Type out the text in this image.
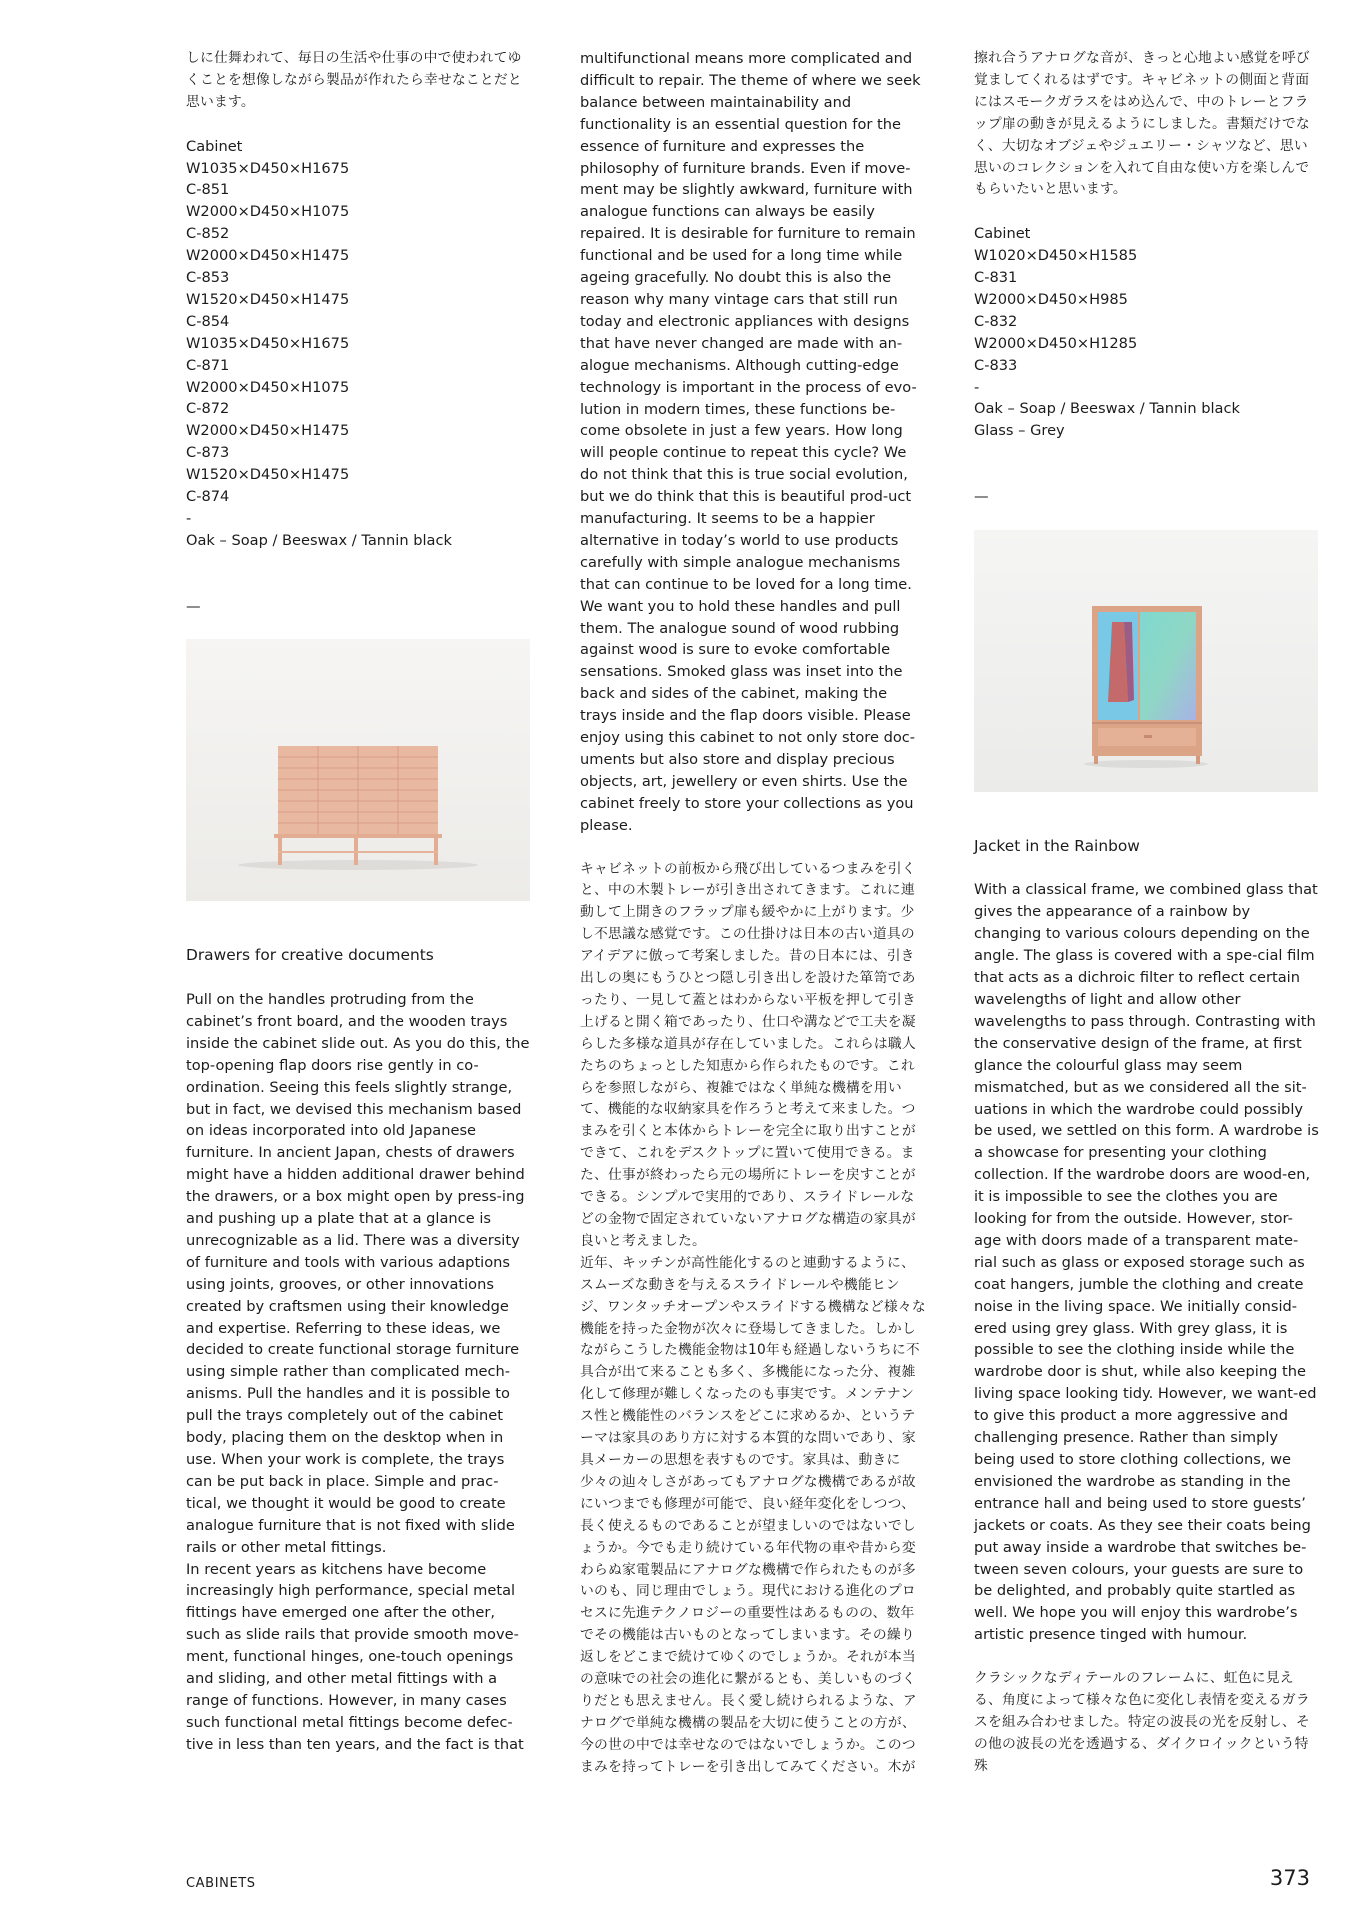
しに仕舞われて、毎日の生活や仕事の中で使われてゆくことを想像しながら製品が作れたら幸せなことだと思います。

Cabinet
W1035×D450×H1675
C-851
W2000×D450×H1075
C-852
W2000×D450×H1475
C-853
W1520×D450×H1475
C-854
W1035×D450×H1675
C-871
W2000×D450×H1075
C-872
W2000×D450×H1475
C-873
W1520×D450×H1475
C-874
-
Oak – Soap / Beeswax / Tannin black

—

Drawers for creative documents

Pull on the handles protruding from the cabinet’s front board, and the wooden trays inside the cabinet slide out. As you do this, the top-opening flap doors rise gently in co-ordination. Seeing this feels slightly strange, but in fact, we devised this mechanism based on ideas incorporated into old Japanese furniture. In ancient Japan, chests of drawers might have a hidden additional drawer behind the drawers, or a box might open by press-ing and pushing up a plate that at a glance is unrecognizable as a lid. There was a diversity of furniture and tools with various adaptions using joints, grooves, or other innovations created by craftsmen using their knowledge and expertise. Referring to these ideas, we decided to create functional storage furniture using simple rather than complicated mech-anisms. Pull the handles and it is possible to pull the trays completely out of the cabinet body, placing them on the desktop when in use. When your work is complete, the trays can be put back in place. Simple and prac-tical, we thought it would be good to create analogue furniture that is not fixed with slide rails or other metal fittings.

In recent years as kitchens have become increasingly high performance, special metal fittings have emerged one after the other, such as slide rails that provide smooth move-ment, functional hinges, one-touch openings and sliding, and other metal fittings with a range of functions. However, in many cases such functional metal fittings become defec-tive in less than ten years, and the fact is that

multifunctional means more complicated and difficult to repair. The theme of where we seek balance between maintainability and functionality is an essential question for the essence of furniture and expresses the philosophy of furniture brands. Even if move-ment may be slightly awkward, furniture with analogue functions can always be easily repaired. It is desirable for furniture to remain functional and be used for a long time while ageing gracefully. No doubt this is also the reason why many vintage cars that still run today and electronic appliances with designs that have never changed are made with an-alogue mechanisms. Although cutting-edge technology is important in the process of evo-lution in modern times, these functions be-come obsolete in just a few years. How long will people continue to repeat this cycle? We do not think that this is true social evolution, but we do think that this is beautiful prod-uct manufacturing. It seems to be a happier alternative in today’s world to use products carefully with simple analogue mechanisms that can continue to be loved for a long time. We want you to hold these handles and pull them. The analogue sound of wood rubbing against wood is sure to evoke comfortable sensations. Smoked glass was inset into the back and sides of the cabinet, making the trays inside and the flap doors visible. Please enjoy using this cabinet to not only store doc-uments but also store and display precious objects, art, jewellery or even shirts. Use the cabinet freely to store your collections as you please.

キャビネットの前板から飛び出しているつまみを引くと、中の木製トレーが引き出されてきます。これに連動して上開きのフラップ扉も緩やかに上がります。少し不思議な感覚です。この仕掛けは日本の古い道具のアイデアに倣って考案しました。昔の日本には、引き出しの奥にもうひとつ隠し引き出しを設けた箪笥であったり、一見して蓋とはわからない平板を押して引き上げると開く箱であったり、仕口や溝などで工夫を凝らした多様な道具が存在していました。これらは職人たちのちょっとした知恵から作られたものです。これらを参照しながら、複雑ではなく単純な機構を用いて、機能的な収納家具を作ろうと考えて来ました。つまみを引くと本体からトレーを完全に取り出すことができて、これをデスクトップに置いて使用できる。また、仕事が終わったら元の場所にトレーを戻すことができる。シンプルで実用的であり、スライドレールなどの金物で固定されていないアナログな構造の家具が良いと考えました。

近年、キッチンが高性能化するのと連動するように、スムーズな動きを与えるスライドレールや機能ヒンジ、ワンタッチオープンやスライドする機構など様々な機能を持った金物が次々に登場してきました。しかしながらこうした機能金物は10年も経過しないうちに不具合が出て来ることも多く、多機能になった分、複雑化して修理が難しくなったのも事実です。メンテナンス性と機能性のバランスをどこに求めるか、というテーマは家具のあり方に対する本質的な問いであり、家具メーカーの思想を表すものです。家具は、動きに少々の辿々しさがあってもアナログな機構であるが故にいつまでも修理が可能で、良い経年変化をしつつ、長く使えるものであることが望ましいのではないでしょうか。今でも走り続けている年代物の車や昔から変わらぬ家電製品にアナログな機構で作られたものが多いのも、同じ理由でしょう。現代における進化のプロセスに先進テクノロジーの重要性はあるものの、数年でその機能は古いものとなってしまいます。その繰り返しをどこまで続けてゆくのでしょうか。それが本当の意味での社会の進化に繋がるとも、美しいものづくりだとも思えません。長く愛し続けられるような、アナログで単純な機構の製品を大切に使うことの方が、今の世の中では幸せなのではないでしょうか。このつまみを持ってトレーを引き出してみてください。木が

擦れ合うアナログな音が、きっと心地よい感覚を呼び覚ましてくれるはずです。キャビネットの側面と背面にはスモークガラスをはめ込んで、中のトレーとフラップ扉の動きが見えるようにしました。書類だけでなく、大切なオブジェやジュエリー・シャツなど、思い思いのコレクションを入れて自由な使い方を楽しんでもらいたいと思います。

Cabinet
W1020×D450×H1585
C-831
W2000×D450×H985
C-832
W2000×D450×H1285
C-833
-
Oak – Soap / Beeswax / Tannin black
Glass – Grey

—

Jacket in the Rainbow

With a classical frame, we combined glass that gives the appearance of a rainbow by changing to various colours depending on the angle. The glass is covered with a spe-cial film that acts as a dichroic filter to reflect certain wavelengths of light and allow other wavelengths to pass through. Contrasting with the conservative design of the frame, at first glance the colourful glass may seem mismatched, but as we considered all the sit-uations in which the wardrobe could possibly be used, we settled on this form. A wardrobe is a showcase for presenting your clothing collection. If the wardrobe doors are wood-en, it is impossible to see the clothes you are looking for from the outside. However, stor-age with doors made of a transparent mate-rial such as glass or exposed storage such as coat hangers, jumble the clothing and create noise in the living space. We initially consid-ered using grey glass. With grey glass, it is possible to see the clothing inside while the wardrobe door is shut, while also keeping the living space looking tidy. However, we want-ed to give this product a more aggressive and challenging presence. Rather than simply being used to store clothing collections, we envisioned the wardrobe as standing in the entrance hall and being used to store guests’ jackets or coats. As they see their coats being put away inside a wardrobe that switches be-tween seven colours, your guests are sure to be delighted, and probably quite startled as well. We hope you will enjoy this wardrobe’s artistic presence tinged with humour.

クラシックなディテールのフレームに、虹色に見える、角度によって様々な色に変化し表情を変えるガラスを組み合わせました。特定の波長の光を反射し、その他の波長の光を透過する、ダイクロイックという特殊

CABINETS	373
